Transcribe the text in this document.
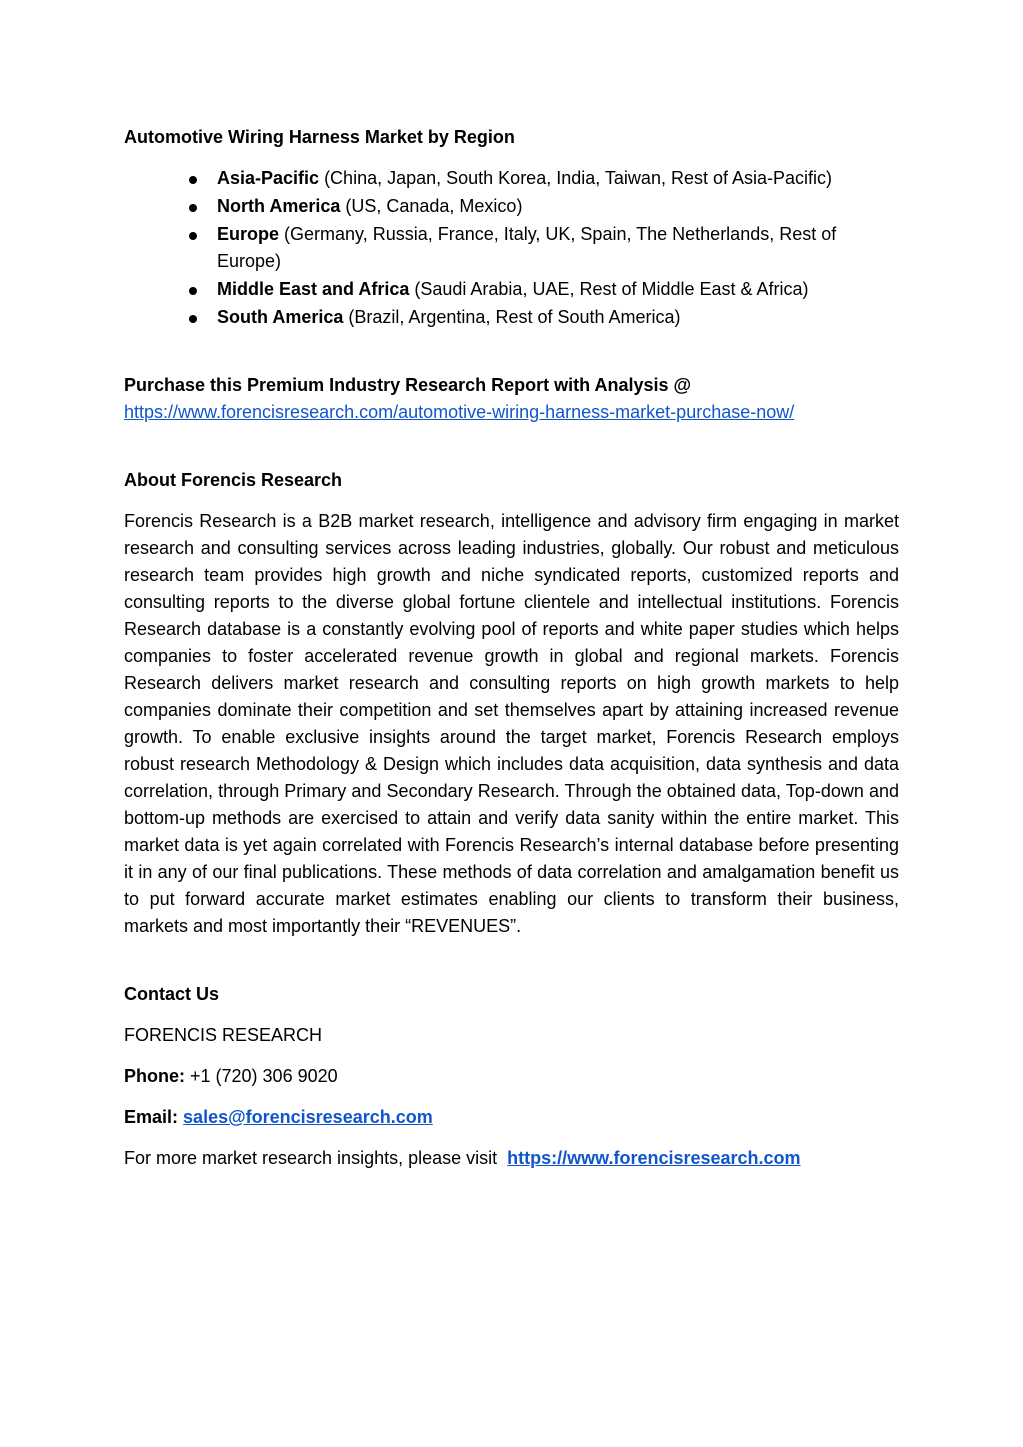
Automotive Wiring Harness Market by Region

Asia-Pacific (China, Japan, South Korea, India, Taiwan, Rest of Asia-Pacific)
North America (US, Canada, Mexico)
Europe (Germany, Russia, France, Italy, UK, Spain, The Netherlands, Rest of Europe)
Middle East and Africa (Saudi Arabia, UAE, Rest of Middle East & Africa)
South America (Brazil, Argentina, Rest of South America)
Purchase this Premium Industry Research Report with Analysis @
https://www.forencisresearch.com/automotive-wiring-harness-market-purchase-now/

About Forencis Research

Forencis Research is a B2B market research, intelligence and advisory firm engaging in market research and consulting services across leading industries, globally. Our robust and meticulous research team provides high growth and niche syndicated reports, customized reports and consulting reports to the diverse global fortune clientele and intellectual institutions. Forencis Research database is a constantly evolving pool of reports and white paper studies which helps companies to foster accelerated revenue growth in global and regional markets. Forencis Research delivers market research and consulting reports on high growth markets to help companies dominate their competition and set themselves apart by attaining increased revenue growth. To enable exclusive insights around the target market, Forencis Research employs robust research Methodology & Design which includes data acquisition, data synthesis and data correlation, through Primary and Secondary Research. Through the obtained data, Top-down and bottom-up methods are exercised to attain and verify data sanity within the entire market. This market data is yet again correlated with Forencis Research’s internal database before presenting it in any of our final publications. These methods of data correlation and amalgamation benefit us to put forward accurate market estimates enabling our clients to transform their business, markets and most importantly their “REVENUES”.

Contact Us

FORENCIS RESEARCH
Phone: +1 (720) 306 9020
Email: sales@forencisresearch.com
For more market research insights, please visit  https://www.forencisresearch.com
